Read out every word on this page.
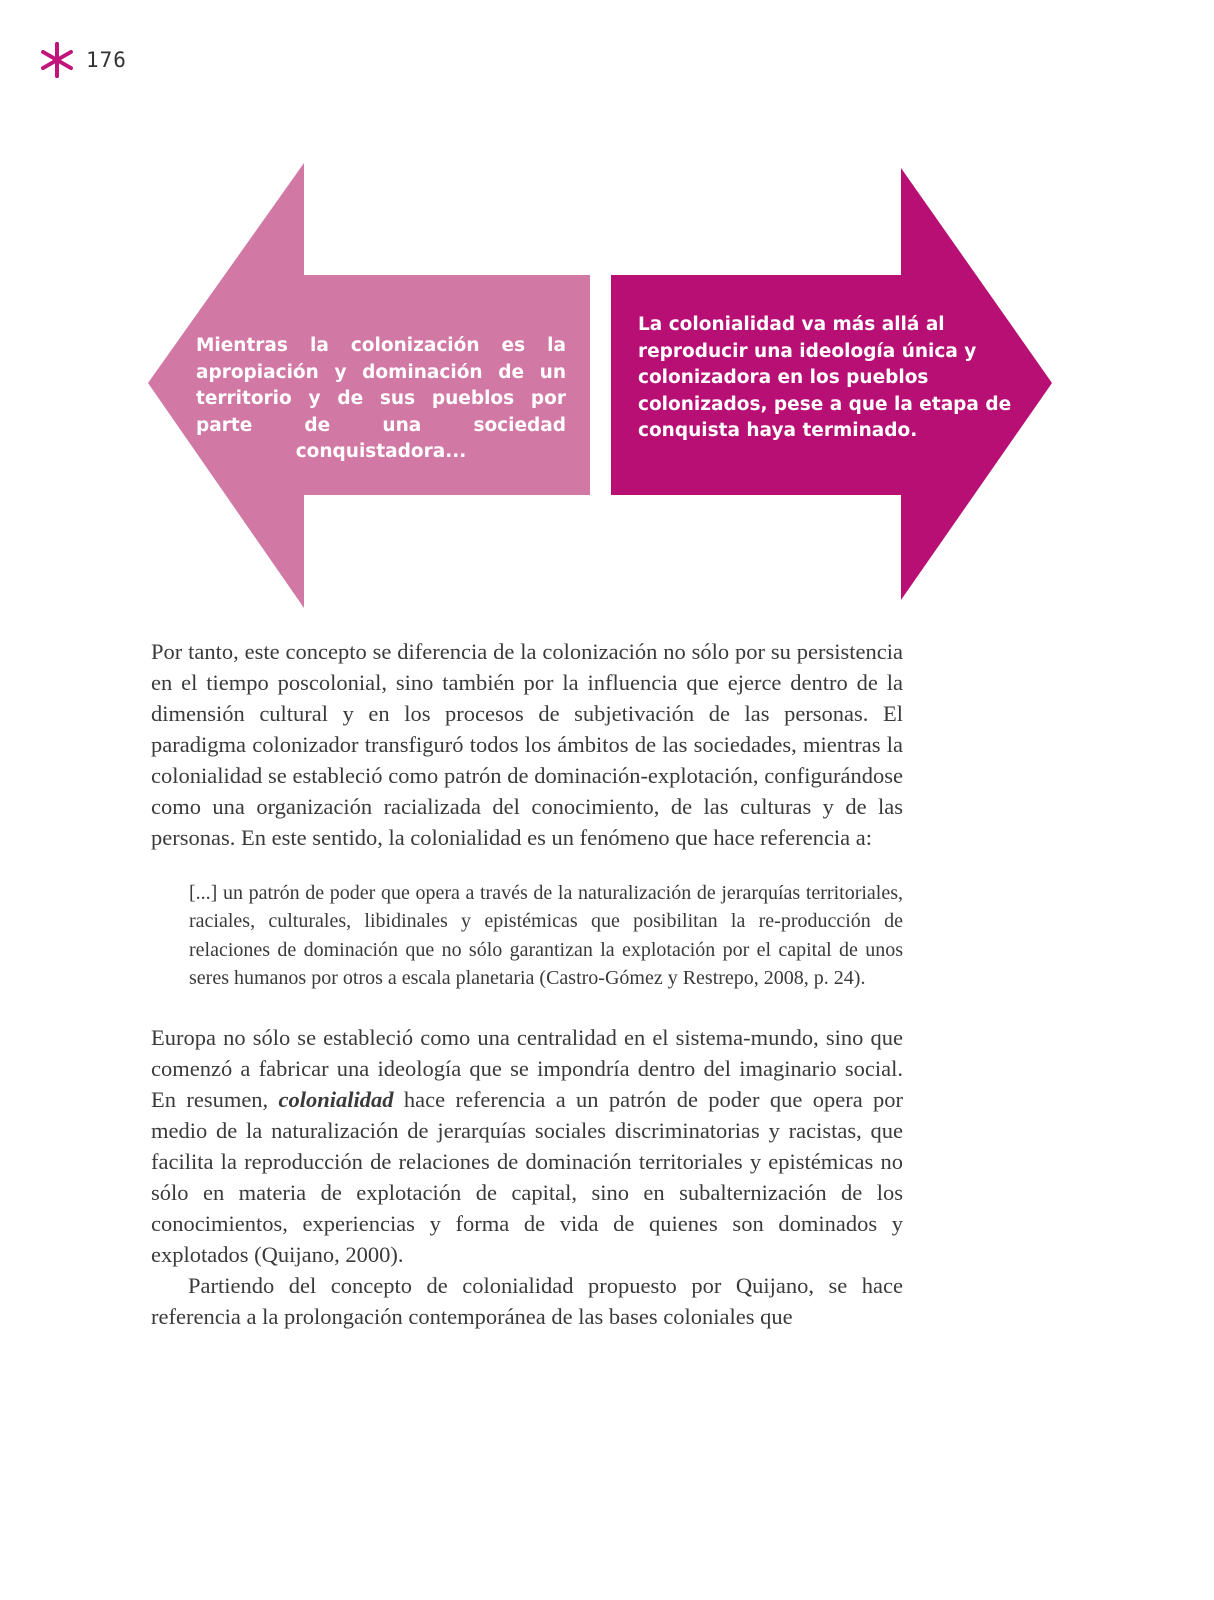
176

Mientras la colonización es la apropiación y dominación de un territorio y de sus pueblos por parte de una sociedad conquistadora...

La colonialidad va más allá al reproducir una ideología única y colonizadora en los pueblos colonizados, pese a que la etapa de conquista haya terminado.

Por tanto, este concepto se diferencia de la colonización no sólo por su persistencia en el tiempo poscolonial, sino también por la influencia que ejerce dentro de la dimensión cultural y en los procesos de subjetivación de las personas. El paradigma colonizador transfiguró todos los ámbitos de las sociedades, mientras la colonialidad se estableció como patrón de dominación-explotación, configurándose como una organización racializada del conocimiento, de las culturas y de las personas. En este sentido, la colonialidad es un fenómeno que hace referencia a:

[...] un patrón de poder que opera a través de la naturalización de jerarquías territoriales, raciales, culturales, libidinales y epistémicas que posibilitan la re-producción de relaciones de dominación que no sólo garantizan la explotación por el capital de unos seres humanos por otros a escala planetaria (Castro-Gómez y Restrepo, 2008, p. 24).

Europa no sólo se estableció como una centralidad en el sistema-mundo, sino que comenzó a fabricar una ideología que se impondría dentro del imaginario social. En resumen, colonialidad hace referencia a un patrón de poder que opera por medio de la naturalización de jerarquías sociales discriminatorias y racistas, que facilita la reproducción de relaciones de dominación territoriales y epistémicas no sólo en materia de explotación de capital, sino en subalternización de los conocimientos, experiencias y forma de vida de quienes son dominados y explotados (Quijano, 2000).

Partiendo del concepto de colonialidad propuesto por Quijano, se hace referencia a la prolongación contemporánea de las bases coloniales que
